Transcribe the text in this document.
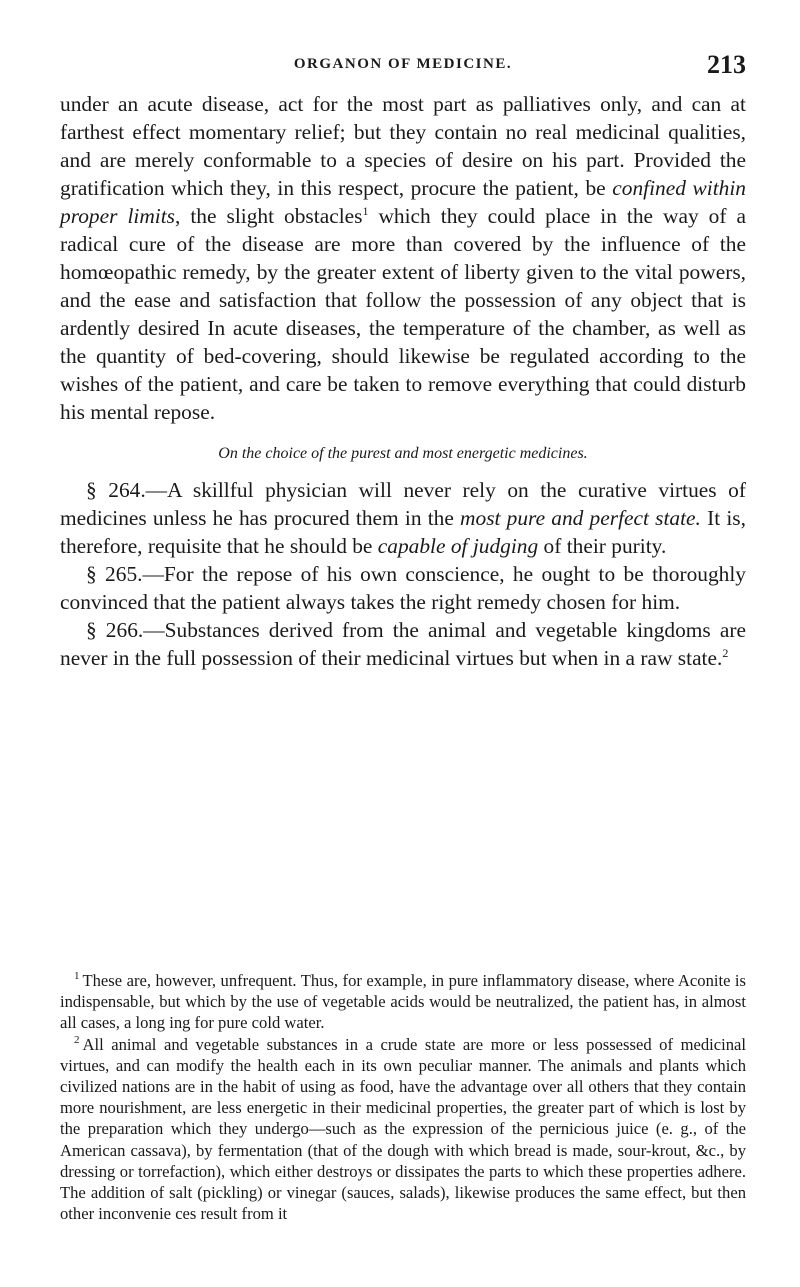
ORGANON OF MEDICINE.	213

under an acute disease, act for the most part as palliatives only, and can at farthest effect momentary relief; but they contain no real medicinal qualities, and are merely conformable to a species of desire on his part. Provided the gratification which they, in this respect, procure the patient, be confined within proper limits, the slight obstacles$^1$ which they could place in the way of a radical cure of the disease are more than covered by the influence of the homœopathic remedy, by the greater extent of liberty given to the vital powers, and the ease and satisfaction that follow the possession of any object that is ardently desired In acute diseases, the temperature of the chamber, as well as the quantity of bed-covering, should likewise be regulated according to the wishes of the patient, and care be taken to remove everything that could disturb his mental repose.

On the choice of the purest and most energetic medicines.

§ 264.—A skillful physician will never rely on the curative virtues of medicines unless he has procured them in the most pure and perfect state. It is, therefore, requisite that he should be capable of judging of their purity.

§ 265.—For the repose of his own conscience, he ought to be thoroughly convinced that the patient always takes the right remedy chosen for him.

§ 266.—Substances derived from the animal and vegetable kingdoms are never in the full possession of their medicinal virtues but when in a raw state.$^2$

$^1$ These are, however, unfrequent. Thus, for example, in pure inflammatory disease, where Aconite is indispensable, but which by the use of vegetable acids would be neutralized, the patient has, in almost all cases, a long ing for pure cold water.

$^2$ All animal and vegetable substances in a crude state are more or less possessed of medicinal virtues, and can modify the health each in its own peculiar manner. The animals and plants which civilized nations are in the habit of using as food, have the advantage over all others that they contain more nourishment, are less energetic in their medicinal properties, the greater part of which is lost by the preparation which they undergo—such as the expression of the pernicious juice (e. g., of the American cassava), by fermentation (that of the dough with which bread is made, sour-krout, &c., by dressing or torrefaction), which either destroys or dissipates the parts to which these properties adhere. The addition of salt (pickling) or vinegar (sauces, salads), likewise produces the same effect, but then other inconvenie ces result from it
